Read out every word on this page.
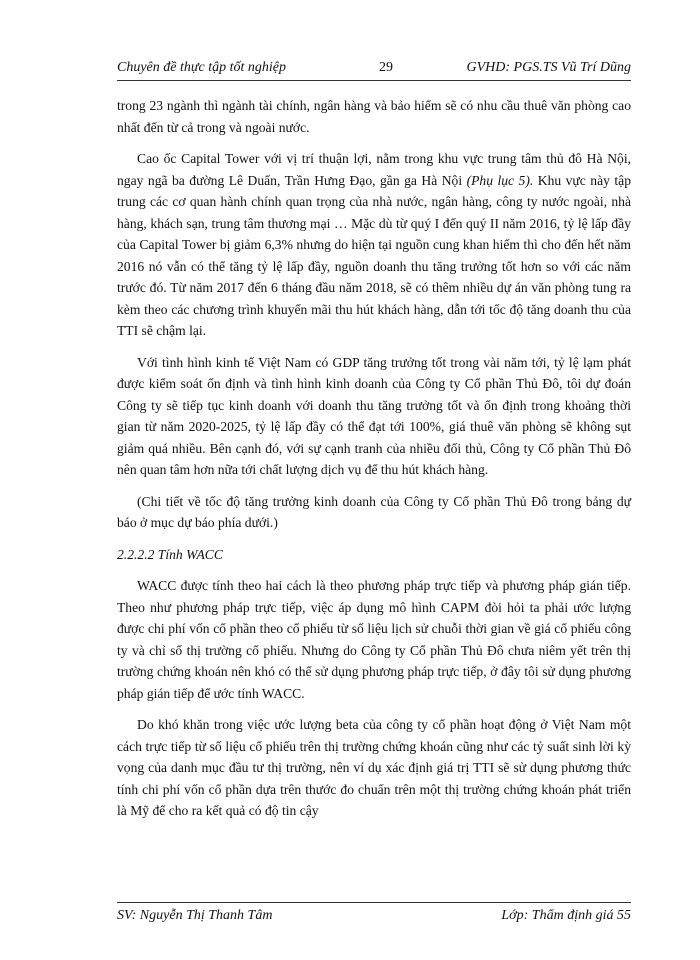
Chuyên đề thực tập tốt nghiệp	29	GVHD: PGS.TS Vũ Trí Dũng

trong 23 ngành thì ngành tài chính, ngân hàng và bảo hiểm sẽ có nhu cầu thuê văn phòng cao nhất đến từ cả trong và ngoài nước.

Cao ốc Capital Tower với vị trí thuận lợi, nằm trong khu vực trung tâm thủ đô Hà Nội, ngay ngã ba đường Lê Duẩn, Trần Hưng Đạo, gần ga Hà Nội (Phụ lục 5). Khu vực này tập trung các cơ quan hành chính quan trọng của nhà nước, ngân hàng, công ty nước ngoài, nhà hàng, khách sạn, trung tâm thương mại … Mặc dù từ quý I đến quý II năm 2016, tỷ lệ lấp đầy của Capital Tower bị giảm 6,3% nhưng do hiện tại nguồn cung khan hiếm thì cho đến hết năm 2016 nó vẫn có thể tăng tỷ lệ lấp đầy, nguồn doanh thu tăng trưởng tốt hơn so với các năm trước đó. Từ năm 2017 đến 6 tháng đầu năm 2018, sẽ có thêm nhiều dự án văn phòng tung ra kèm theo các chương trình khuyến mãi thu hút khách hàng, dẫn tới tốc độ tăng doanh thu của TTI sẽ chậm lại.

Với tình hình kinh tế Việt Nam có GDP tăng trưởng tốt trong vài năm tới, tỷ lệ lạm phát được kiểm soát ổn định và tình hình kinh doanh của Công ty Cổ phần Thủ Đô, tôi dự đoán Công ty sẽ tiếp tục kinh doanh với doanh thu tăng trưởng tốt và ổn định trong khoảng thời gian từ năm 2020-2025, tỷ lệ lấp đầy có thể đạt tới 100%, giá thuê văn phòng sẽ không sụt giảm quá nhiều. Bên cạnh đó, với sự cạnh tranh của nhiều đối thủ, Công ty Cổ phần Thủ Đô nên quan tâm hơn nữa tới chất lượng dịch vụ để thu hút khách hàng.

(Chi tiết về tốc độ tăng trưởng kinh doanh của Công ty Cổ phần Thủ Đô trong bảng dự báo ở mục dự báo phía dưới.)

2.2.2.2 Tính WACC

WACC được tính theo hai cách là theo phương pháp trực tiếp và phương pháp gián tiếp. Theo như phương pháp trực tiếp, việc áp dụng mô hình CAPM đòi hỏi ta phải ước lượng được chi phí vốn cổ phần theo cổ phiếu từ số liệu lịch sử chuỗi thời gian về giá cổ phiếu công ty và chỉ số thị trường cổ phiếu. Nhưng do Công ty Cổ phần Thủ Đô chưa niêm yết trên thị trường chứng khoán nên khó có thể sử dụng phương pháp trực tiếp, ở đây tôi sử dụng phương pháp gián tiếp để ước tính WACC.

Do khó khăn trong việc ước lượng beta của công ty cổ phần hoạt động ở Việt Nam một cách trực tiếp từ số liệu cổ phiếu trên thị trường chứng khoán cũng như các tỷ suất sinh lời kỳ vọng của danh mục đầu tư thị trường, nên ví dụ xác định giá trị TTI sẽ sử dụng phương thức tính chi phí vốn cổ phần dựa trên thước đo chuẩn trên một thị trường chứng khoán phát triển là Mỹ để cho ra kết quả có độ tin cậy

SV: Nguyễn Thị Thanh Tâm	Lớp: Thẩm định giá 55
